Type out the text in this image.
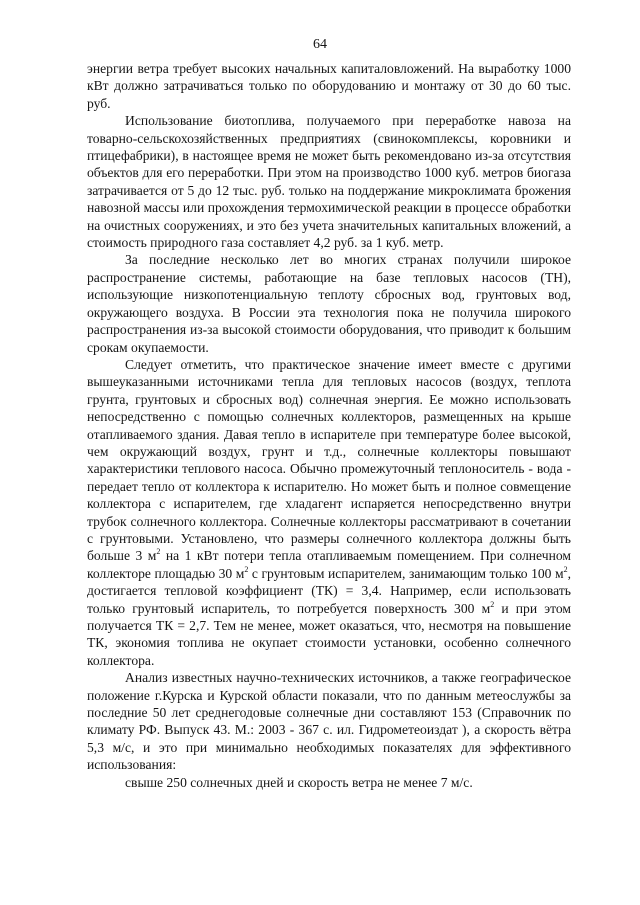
64

энергии ветра требует высоких начальных капиталовложений. На выработку 1000 кВт должно затрачиваться только по оборудованию и монтажу от 30 до 60 тыс. руб.

Использование биотоплива, получаемого при переработке навоза на товарно-сельскохозяйственных предприятиях (свинокомплексы, коровники и птицефабрики), в настоящее время не может быть рекомендовано из-за отсутствия объектов для его переработки. При этом на производство 1000 куб. метров биогаза затрачивается от 5 до 12 тыс. руб. только на поддержание микроклимата брожения навозной массы или прохождения термохимической реакции в процессе обработки на очистных сооружениях, и это без учета значительных капитальных вложений, а стоимость природного газа составляет 4,2 руб. за 1 куб. метр.

За последние несколько лет во многих странах получили широкое распространение системы, работающие на базе тепловых насосов (ТН), использующие низкопотенциальную теплоту сбросных вод, грунтовых вод, окружающего воздуха. В России эта технология пока не получила широкого распространения из-за высокой стоимости оборудования, что приводит к большим срокам окупаемости.

Следует отметить, что практическое значение имеет вместе с другими вышеуказанными источниками тепла для тепловых насосов (воздух, теплота грунта, грунтовых и сбросных вод) солнечная энергия. Ее можно использовать непосредственно с помощью солнечных коллекторов, размещенных на крыше отапливаемого здания. Давая тепло в испарителе при температуре более высокой, чем окружающий воздух, грунт и т.д., солнечные коллекторы повышают характеристики теплового насоса. Обычно промежуточный теплоноситель - вода - передает тепло от коллектора к испарителю. Но может быть и полное совмещение коллектора с испарителем, где хладагент испаряется непосредственно внутри трубок солнечного коллектора. Солнечные коллекторы рассматривают в сочетании с грунтовыми. Установлено, что размеры солнечного коллектора должны быть больше 3 $м^2$ на 1 кВт потери тепла отапливаемым помещением. При солнечном коллекторе площадью 30 $м^2$ с грунтовым испарителем, занимающим только 100 $м^2$, достигается тепловой коэффициент (ТК) = 3,4. Например, если использовать только грунтовый испаритель, то потребуется поверхность 300 $м^2$ и при этом получается ТК = 2,7. Тем не менее, может оказаться, что, несмотря на повышение ТК, экономия топлива не окупает стоимости установки, особенно солнечного коллектора.

Анализ известных научно-технических источников, а также географическое положение г.Курска и Курской области показали, что по данным метеослужбы за последние 50 лет среднегодовые солнечные дни составляют 153 (Справочник по климату РФ. Выпуск 43. М.: 2003 - 367 с. ил. Гидрометеоиздат ), а скорость вётра 5,3 м/с, и это при минимально необходимых показателях для эффективного использования:

свыше 250 солнечных дней и скорость ветра не менее 7 м/с.
